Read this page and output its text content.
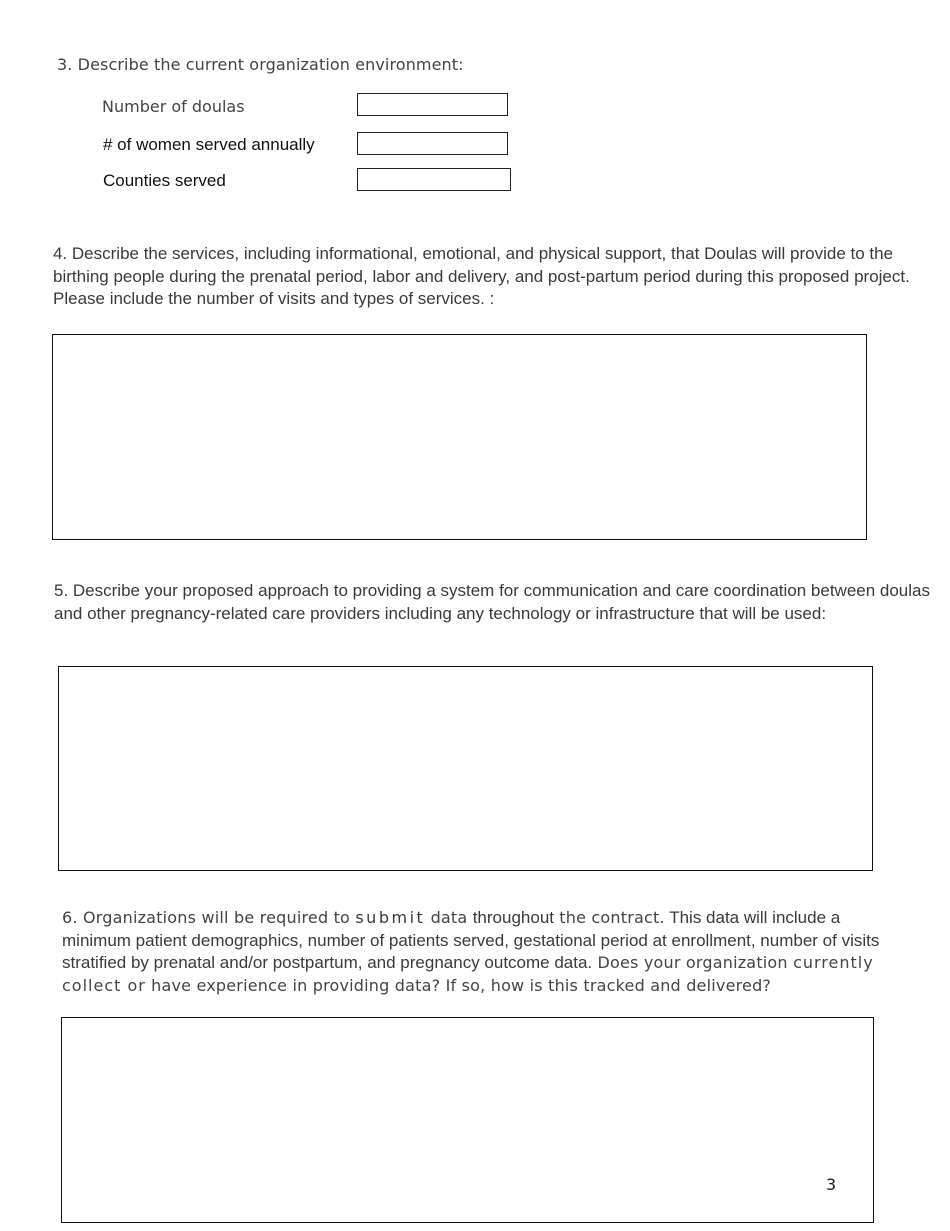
3. Describe the current organization environment:
Number of doulas
# of women served annually
Counties served
4. Describe the services, including informational, emotional, and physical support, that Doulas will provide to the birthing people during the prenatal period, labor and delivery, and post-partum period during this proposed project. Please include the number of visits and types of services. :
5. Describe your proposed approach to providing a system for communication and care coordination between doulas and other pregnancy-related care providers including any technology or infrastructure that will be used:
6. Organizations will be required to submit data throughout the contract. This data will include a minimum patient demographics, number of patients served, gestational period at enrollment, number of visits stratified by prenatal and/or postpartum, and pregnancy outcome data. Does your organization currently collect or have experience in providing data? If so, how is this tracked and delivered?
3
